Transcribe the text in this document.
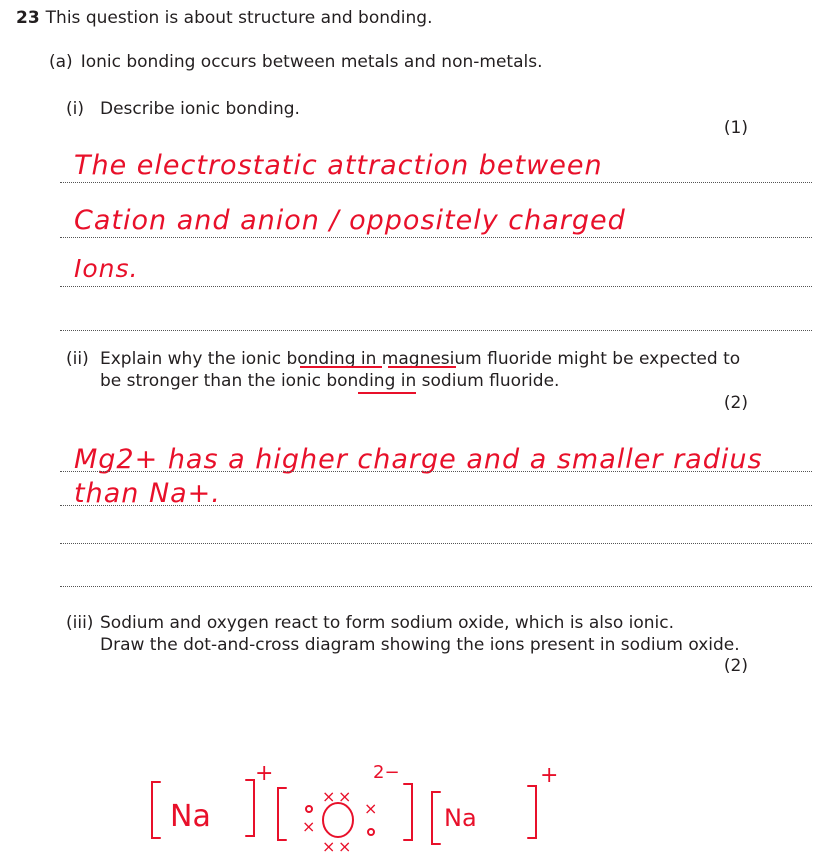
23 This question is about structure and bonding.
(a) Ionic bonding occurs between metals and non-metals.
(i) Describe ionic bonding.
(1)
The electrostatic attraction between
Cation and anion / oppositely charged
Ions.
(ii) Explain why the ionic bonding in magnesium fluoride might be expected to
be stronger than the ionic bonding in sodium fluoride.
(2)
Mg2+ has a higher charge and a smaller radius
than Na+.
(iii) Sodium and oxygen react to form sodium oxide, which is also ionic.
Draw the dot-and-cross diagram showing the ions present in sodium oxide.
(2)
Na
+	2−
Na
+
× ×
×
×
× ×
O
∘
